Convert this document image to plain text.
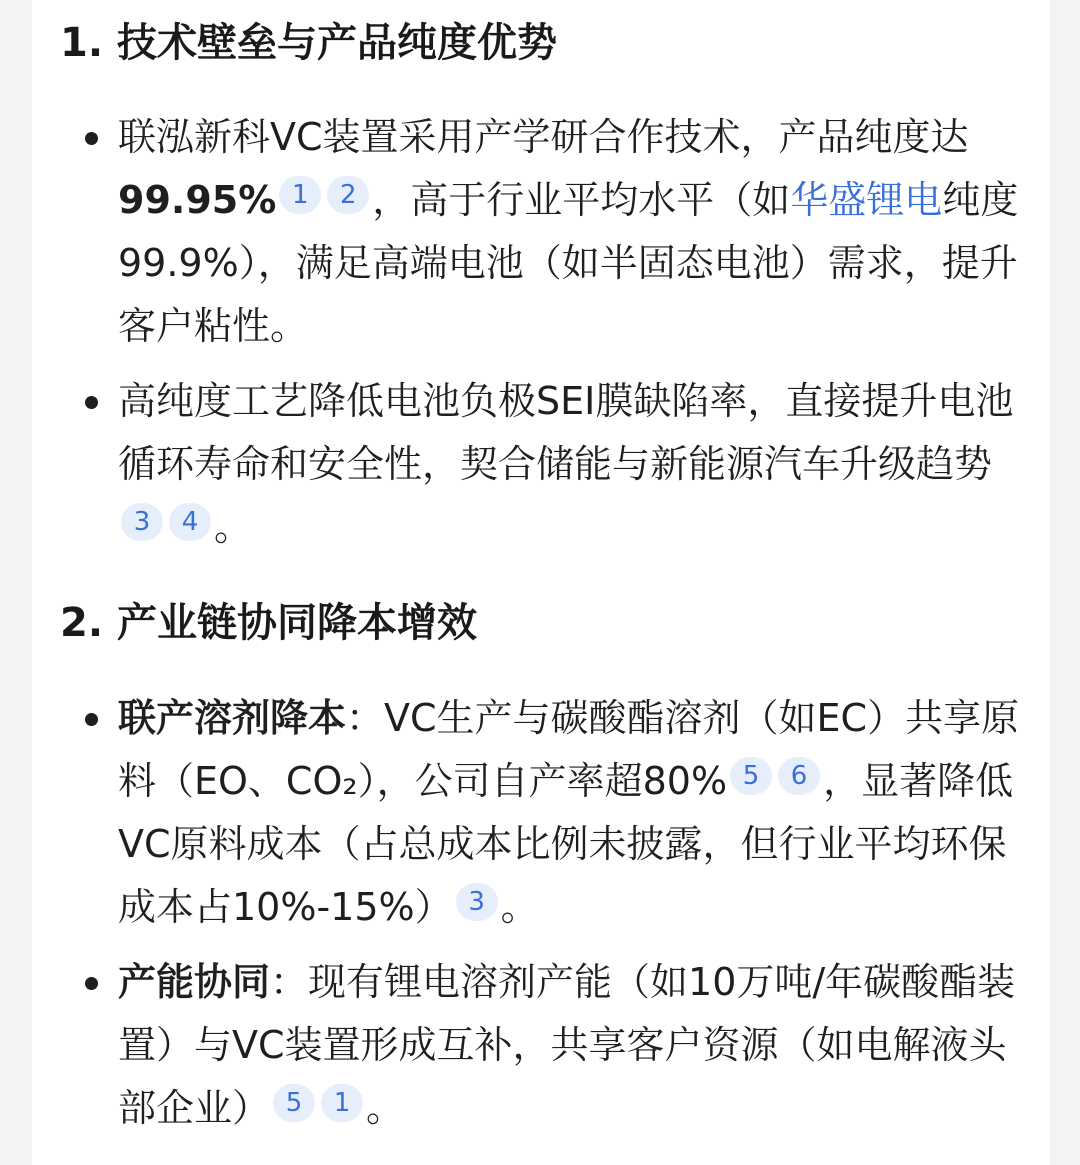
1. 技术壁垒与产品纯度优势
联泓新科VC装置采用产学研合作技术，产品纯度达99.95% 1 2 ，高于行业平均水平（如华盛锂电纯度99.9%），满足高端电池（如半固态电池）需求，提升客户粘性。
高纯度工艺降低电池负极SEI膜缺陷率，直接提升电池循环寿命和安全性，契合储能与新能源汽车升级趋势3 4 。
2. 产业链协同降本增效
联产溶剂降本：VC生产与碳酸酯溶剂（如EC）共享原料（EO、CO₂），公司自产率超80% 5 6 ，显著降低VC原料成本（占总成本比例未披露，但行业平均环保成本占10%-15%） 3 。
产能协同：现有锂电溶剂产能（如10万吨/年碳酸酯装置）与VC装置形成互补，共享客户资源（如电解液头部企业） 5 1 。
